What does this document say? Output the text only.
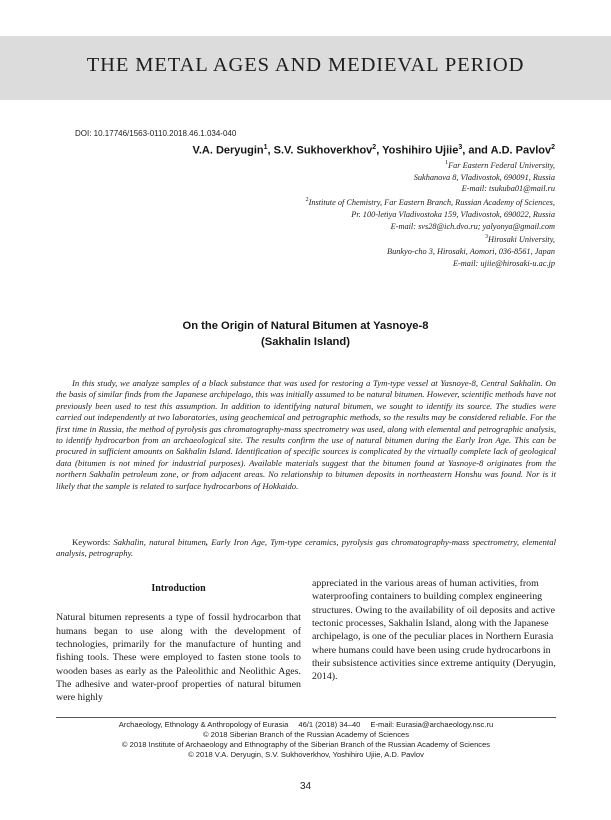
THE METAL AGES AND MEDIEVAL PERIOD
DOI: 10.17746/1563-0110.2018.46.1.034-040
V.A. Deryugin$^1$, S.V. Sukhoverkhov$^2$, Yoshihiro Ujiie$^3$, and A.D. Pavlov$^2$
$^1$Far Eastern Federal University,
Sukhanova 8, Vladivostok, 690091, Russia
E-mail: tsukuba01@mail.ru
$^2$Institute of Chemistry, Far Eastern Branch, Russian Academy of Sciences,
Pr. 100-letiya Vladivostoka 159, Vladivostok, 690022, Russia
E-mail: svs28@ich.dvo.ru; yalyonya@gmail.com
$^3$Hirosaki University,
Bunkyo-cho 3, Hirosaki, Aomori, 036-8561, Japan
E-mail: ujiie@hirosaki-u.ac.jp
On the Origin of Natural Bitumen at Yasnoye-8
(Sakhalin Island)

In this study, we analyze samples of a black substance that was used for restoring a Tym-type vessel at Yasnoye-8, Central Sakhalin. On the basis of similar finds from the Japanese archipelago, this was initially assumed to be natural bitumen. However, scientific methods have not previously been used to test this assumption. In addition to identifying natural bitumen, we sought to identify its source. The studies were carried out independently at two laboratories, using geochemical and petrographic methods, so the results may be considered reliable. For the first time in Russia, the method of pyrolysis gas chromatography-mass spectrometry was used, along with elemental and petrographic analysis, to identify hydrocarbon from an archaeological site. The results confirm the use of natural bitumen during the Early Iron Age. This can be procured in sufficient amounts on Sakhalin Island. Identification of specific sources is complicated by the virtually complete lack of geological data (bitumen is not mined for industrial purposes). Available materials suggest that the bitumen found at Yasnoye-8 originates from the northern Sakhalin petroleum zone, or from adjacent areas. No relationship to bitumen deposits in northeastern Honshu was found. Nor is it likely that the sample is related to surface hydrocarbons of Hokkaido.

Keywords: Sakhalin, natural bitumen, Early Iron Age, Tym-type ceramics, pyrolysis gas chromatography-mass spectrometry, elemental analysis, petrography.

Introduction

Natural bitumen represents a type of fossil hydrocarbon that humans began to use along with the development of technologies, primarily for the manufacture of hunting and fishing tools. These were employed to fasten stone tools to wooden bases as early as the Paleolithic and Neolithic Ages. The adhesive and water-proof properties of natural bitumen were highly

appreciated in the various areas of human activities, from waterproofing containers to building complex engineering structures. Owing to the availability of oil deposits and active tectonic processes, Sakhalin Island, along with the Japanese archipelago, is one of the peculiar places in Northern Eurasia where humans could have been using crude hydrocarbons in their subsistence activities since extreme antiquity (Deryugin, 2014).

Archaeology, Ethnology & Anthropology of Eurasia 46/1 (2018) 34–40 E-mail: Eurasia@archaeology.nsc.ru
© 2018 Siberian Branch of the Russian Academy of Sciences
© 2018 Institute of Archaeology and Ethnography of the Siberian Branch of the Russian Academy of Sciences
© 2018 V.A. Deryugin, S.V. Sukhoverkhov, Yoshihiro Ujiie, A.D. Pavlov
34
